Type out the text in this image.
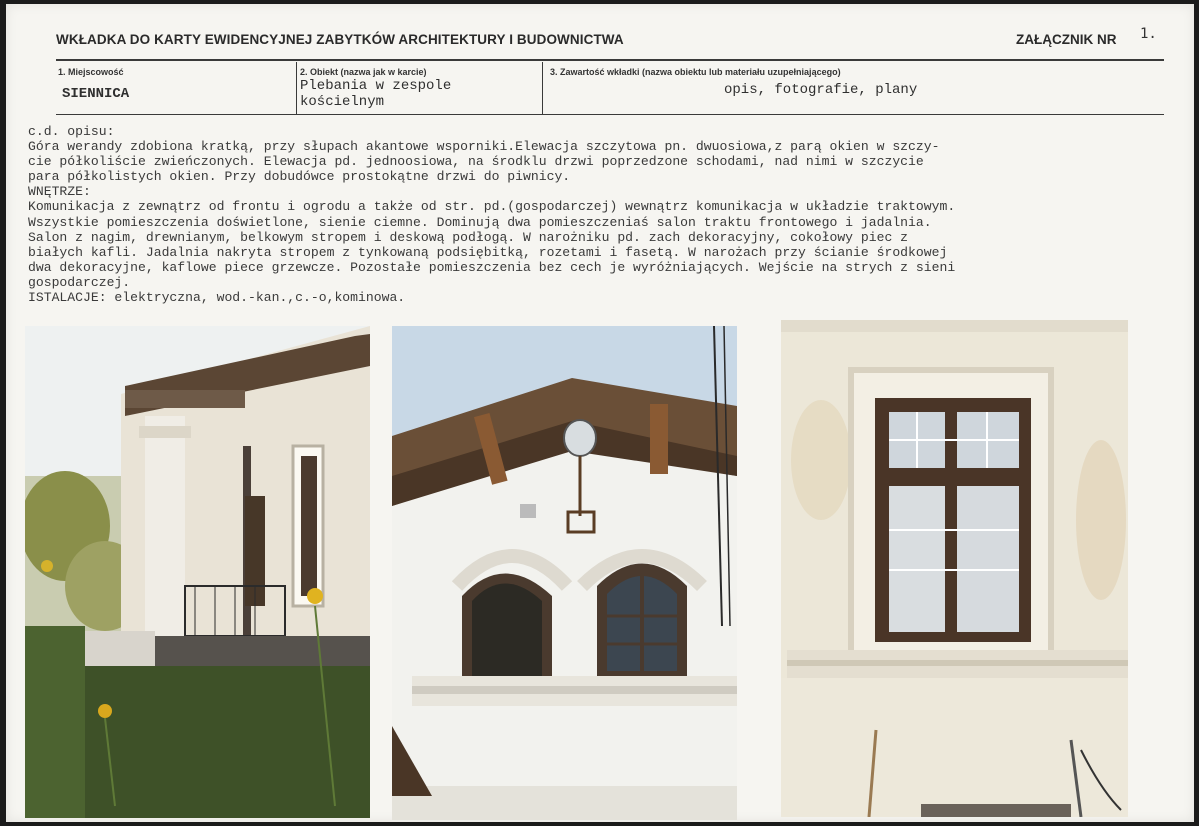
WKŁADKA DO KARTY EWIDENCYJNEJ ZABYTKÓW ARCHITEKTURY I BUDOWNICTWA	ZAŁĄCZNIK NR 1.
1. Miejscowość
SIENNICA
2. Obiekt (nazwa jak w karcie)
Plebania w zespole
kościelnym
3. Zawartość wkładki (nazwa obiektu lub materiału uzupełniającego)
opis, fotografie, plany
c.d. opisu:
Góra werandy zdobiona kratką, przy słupach akantowe wsporniki.Elewacja szczytowa pn. dwuosiowa,z parą okien w szczy-
cie półkoliście zwieńczonych. Elewacja pd. jednoosiowa, na środklu drzwi poprzedzone schodami, nad nimi w szczycie
para półkolistych okien. Przy dobudówce prostokątne drzwi do piwnicy.
WNĘTRZE:
Komunikacja z zewnątrz od frontu i ogrodu a także od str. pd.(gospodarczej) wewnątrz komunikacja w układzie traktowym.
Wszystkie pomieszczenia doświetlone, sienie ciemne. Dominują dwa pomieszczeniaś salon traktu frontowego i jadalnia.
Salon z nagim, drewnianym, belkowym stropem i deskową podłogą. W narożniku pd. zach dekoracyjny, cokołowy piec z
białych kafli. Jadalnia nakryta stropem z tynkowaną podsiębitką, rozetami i fasetą. W narożach przy ścianie środkowej
dwa dekoracyjne, kaflowe piece grzewcze. Pozostałe pomieszczenia bez cech je wyróżniających. Wejście na strych z sieni
gospodarczej.
ISTALACJE: elektryczna, wod.-kan.,c.-o,kominowa.
